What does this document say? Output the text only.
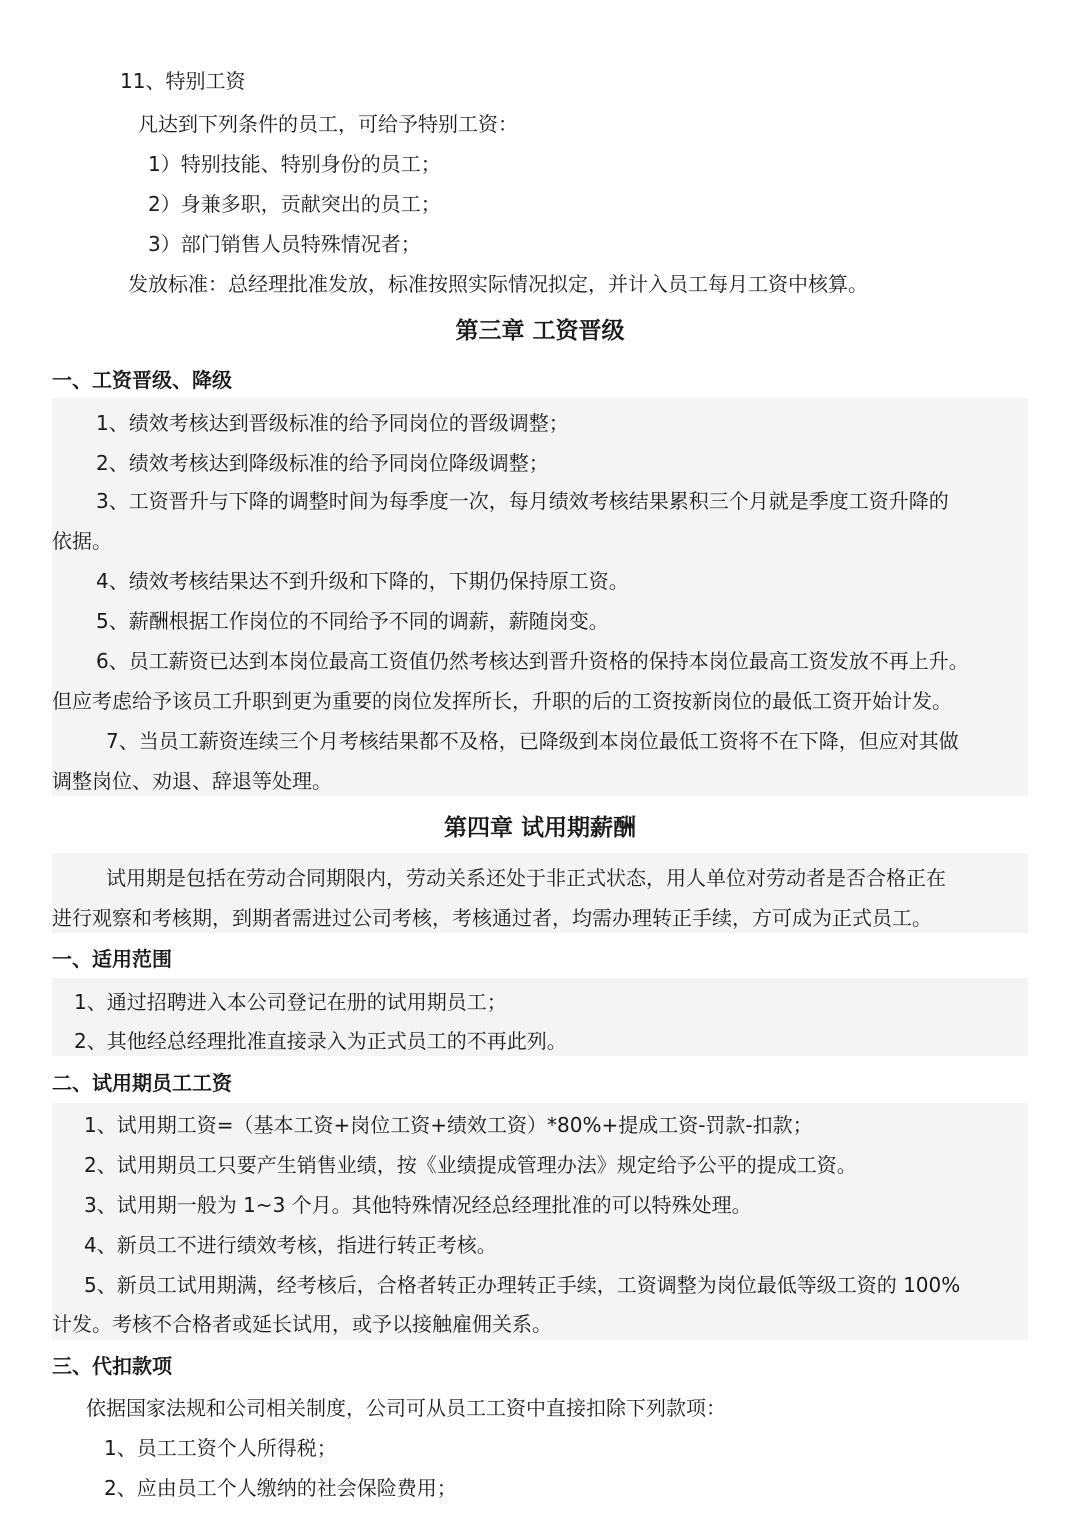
11、特别工资
凡达到下列条件的员工，可给予特别工资：
1）特别技能、特别身份的员工；
2）身兼多职，贡献突出的员工；
3）部门销售人员特殊情况者；
发放标准：总经理批准发放，标准按照实际情况拟定，并计入员工每月工资中核算。
第三章 工资晋级
一、工资晋级、降级
1、绩效考核达到晋级标准的给予同岗位的晋级调整；
2、绩效考核达到降级标准的给予同岗位降级调整；
3、工资晋升与下降的调整时间为每季度一次，每月绩效考核结果累积三个月就是季度工资升降的
依据。
4、绩效考核结果达不到升级和下降的，下期仍保持原工资。
5、薪酬根据工作岗位的不同给予不同的调薪，薪随岗变。
6、员工薪资已达到本岗位最高工资值仍然考核达到晋升资格的保持本岗位最高工资发放不再上升。
但应考虑给予该员工升职到更为重要的岗位发挥所长，升职的后的工资按新岗位的最低工资开始计发。
7、当员工薪资连续三个月考核结果都不及格，已降级到本岗位最低工资将不在下降，但应对其做
调整岗位、劝退、辞退等处理。
第四章 试用期薪酬
试用期是包括在劳动合同期限内，劳动关系还处于非正式状态，用人单位对劳动者是否合格正在
进行观察和考核期，到期者需进过公司考核，考核通过者，均需办理转正手续，方可成为正式员工。
一、适用范围
1、通过招聘进入本公司登记在册的试用期员工；
2、其他经总经理批准直接录入为正式员工的不再此列。
二、试用期员工工资
1、试用期工资=（基本工资+岗位工资+绩效工资）*80%+提成工资-罚款-扣款；
2、试用期员工只要产生销售业绩，按《业绩提成管理办法》规定给予公平的提成工资。
3、试用期一般为 1~3 个月。其他特殊情况经总经理批准的可以特殊处理。
4、新员工不进行绩效考核，指进行转正考核。
5、新员工试用期满，经考核后，合格者转正办理转正手续，工资调整为岗位最低等级工资的 100%
计发。考核不合格者或延长试用，或予以接触雇佣关系。
三、代扣款项
依据国家法规和公司相关制度，公司可从员工工资中直接扣除下列款项：
1、员工工资个人所得税；
2、应由员工个人缴纳的社会保险费用；
